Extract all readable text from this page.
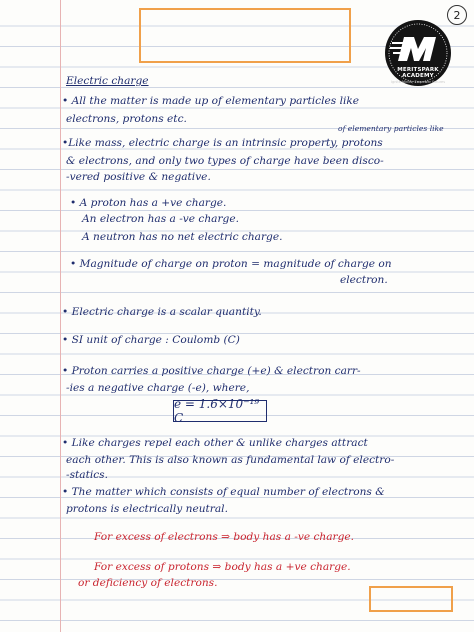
2
MERITSPARK ACADEMY
Ignite Minds, Empower Futures
Electric charge
• All the matter is made up of elementary particles like
electrons, protons etc.
of elementary particles like
•Like mass, electric charge is an intrinsic property, protons
& electrons, and only two types of charge have been disco-
-vered positive & negative.
• A proton has a +ve charge.
An electron has a -ve charge.
A neutron has no net electric charge.
• Magnitude of charge on proton = magnitude of charge on
electron.
• Electric charge is a scalar quantity.
• SI unit of charge : Coulomb (C)
• Proton carries a positive charge (+e) & electron carr-
-ies a negative charge (-e), where,
e = 1.6×10⁻¹⁹ C
• Like charges repel each other & unlike charges attract
each other. This is also known as fundamental law of electro-
-statics.
• The matter which consists of equal number of electrons &
protons is electrically neutral.
For excess of electrons ⇒ body has a -ve charge.
For excess of protons ⇒ body has a +ve charge.
or deficiency of electrons.
